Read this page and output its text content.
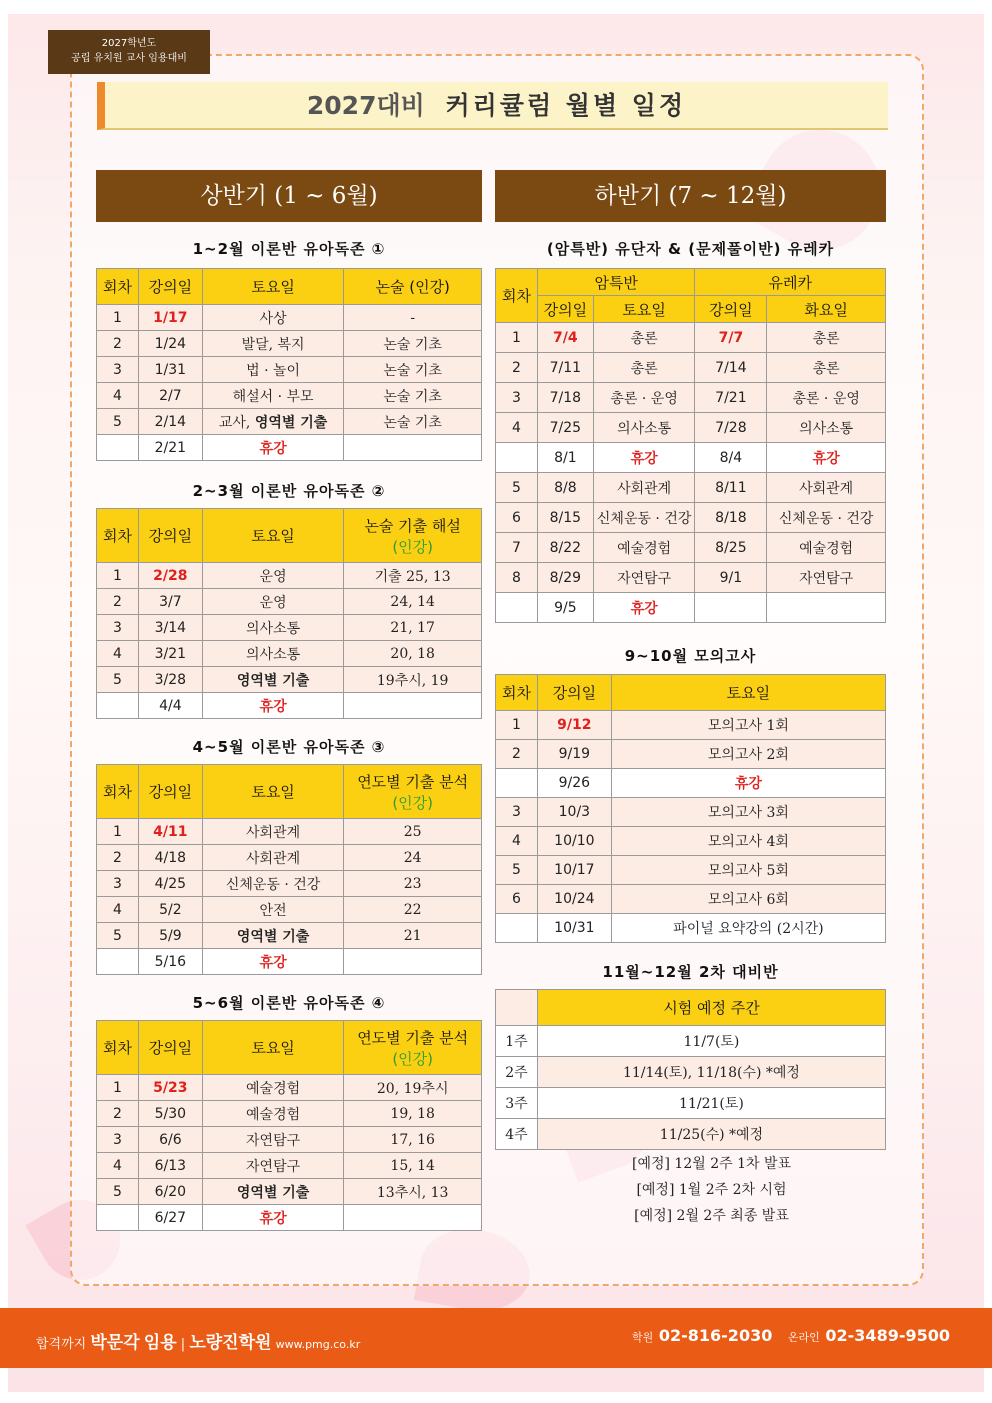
2027학년도
공립 유치원 교사 임용대비
2027대비 커리큘럼 월별 일정
상반기 (1 ~ 6월)	하반기 (7 ~ 12월)
1~2월 이론반 유아독존 ①
회차	강의일	토요일	논술 (인강)
1	1/17	사상	-
2	1/24	발달, 복지	논술 기초
3	1/31	법 · 놀이	논술 기초
4	2/7	해설서 · 부모	논술 기초
5	2/14	교사, 영역별 기출	논술 기초
	2/21	휴강	
2~3월 이론반 유아독존 ②
회차	강의일	토요일	논술 기출 해설
(인강)

1	2/28	운영	기출 25, 13
2	3/7	운영	24, 14
3	3/14	의사소통	21, 17
4	3/21	의사소통	20, 18
5	3/28	영역별 기출	19추시, 19
	4/4	휴강	
4~5월 이론반 유아독존 ③
회차	강의일	토요일	연도별 기출 분석
(인강)

1	4/11	사회관계	25
2	4/18	사회관계	24
3	4/25	신체운동 · 건강	23
4	5/2	안전	22
5	5/9	영역별 기출	21
	5/16	휴강	
5~6월 이론반 유아독존 ④
회차	강의일	토요일	연도별 기출 분석
(인강)

1	5/23	예술경험	20, 19추시
2	5/30	예술경험	19, 18
3	6/6	자연탐구	17, 16
4	6/13	자연탐구	15, 14
5	6/20	영역별 기출	13추시, 13
	6/27	휴강	
(암특반) 유단자 & (문제풀이반) 유레카
회차	암특반		유레카	
	강의일	토요일	강의일	화요일
1	7/4	총론	7/7	총론
2	7/11	총론	7/14	총론
3	7/18	총론 · 운영	7/21	총론 · 운영
4	7/25	의사소통	7/28	의사소통
	8/1	휴강	8/4	휴강
5	8/8	사회관계	8/11	사회관계
6	8/15	신체운동 · 건강	8/18	신체운동 · 건강
7	8/22	예술경험	8/25	예술경험
8	8/29	자연탐구	9/1	자연탐구
	9/5	휴강		
9~10월 모의고사
회차	강의일	토요일
1	9/12	모의고사 1회
2	9/19	모의고사 2회
	9/26	휴강
3	10/3	모의고사 3회
4	10/10	모의고사 4회
5	10/17	모의고사 5회
6	10/24	모의고사 6회
	10/31	파이널 요약강의 (2시간)
11월~12월 2차 대비반
	시험 예정 주간
1주	11/7(토)
2주	11/14(토), 11/18(수) *예정
3주	11/21(토)
4주	11/25(수) *예정
[예정] 12월 2주 1차 발표
[예정] 1월 2주 2차 시험
[예정] 2월 2주 최종 발표
합격까지 박문각 임용 | 노량진학원 www.pmg.co.kr
학원 02-816-2030 온라인 02-3489-9500
